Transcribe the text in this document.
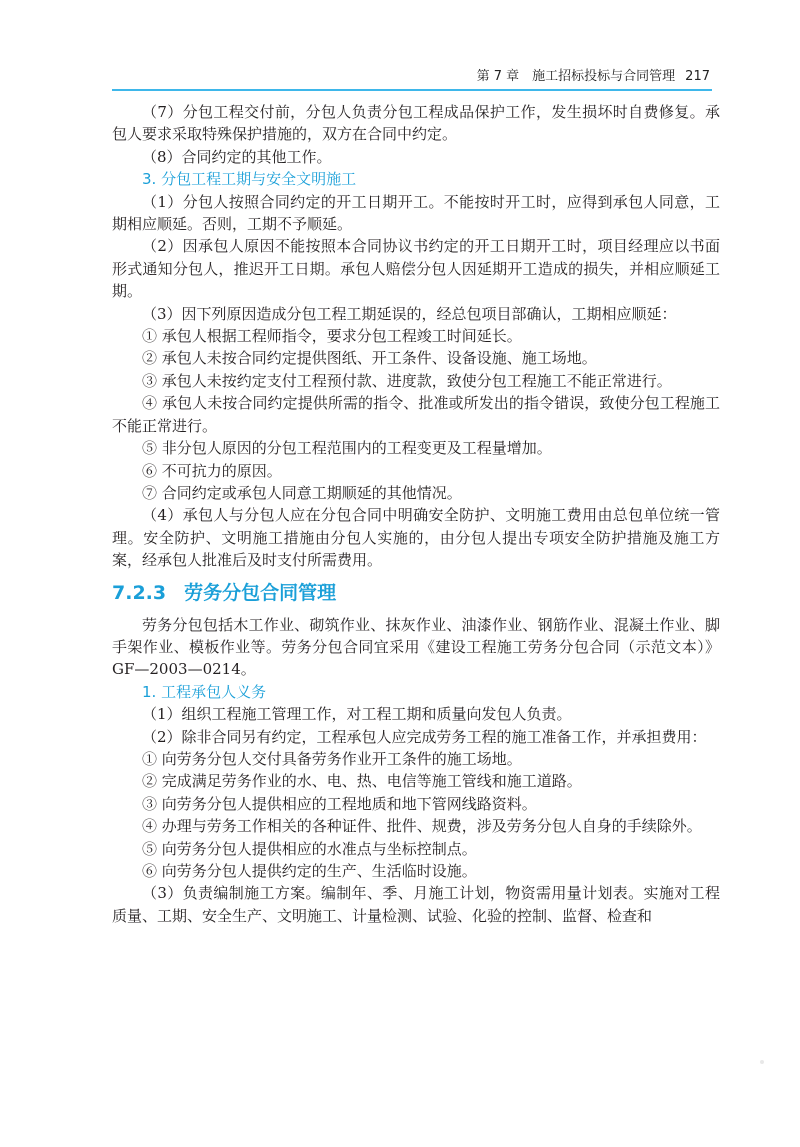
第 7 章　施工招标投标与合同管理 217

（7）分包工程交付前，分包人负责分包工程成品保护工作，发生损坏时自费修复。承包人要求采取特殊保护措施的，双方在合同中约定。

（8）合同约定的其他工作。

3. 分包工程工期与安全文明施工

（1）分包人按照合同约定的开工日期开工。不能按时开工时，应得到承包人同意，工期相应顺延。否则，工期不予顺延。

（2）因承包人原因不能按照本合同协议书约定的开工日期开工时，项目经理应以书面形式通知分包人，推迟开工日期。承包人赔偿分包人因延期开工造成的损失，并相应顺延工期。

（3）因下列原因造成分包工程工期延误的，经总包项目部确认，工期相应顺延：

① 承包人根据工程师指令，要求分包工程竣工时间延长。

② 承包人未按合同约定提供图纸、开工条件、设备设施、施工场地。

③ 承包人未按约定支付工程预付款、进度款，致使分包工程施工不能正常进行。

④ 承包人未按合同约定提供所需的指令、批准或所发出的指令错误，致使分包工程施工不能正常进行。

⑤ 非分包人原因的分包工程范围内的工程变更及工程量增加。

⑥ 不可抗力的原因。

⑦ 合同约定或承包人同意工期顺延的其他情况。

（4）承包人与分包人应在分包合同中明确安全防护、文明施工费用由总包单位统一管理。安全防护、文明施工措施由分包人实施的，由分包人提出专项安全防护措施及施工方案，经承包人批准后及时支付所需费用。

7.2.3 劳务分包合同管理

劳务分包包括木工作业、砌筑作业、抹灰作业、油漆作业、钢筋作业、混凝土作业、脚手架作业、模板作业等。劳务分包合同宜采用《建设工程施工劳务分包合同（示范文本）》GF—2003—0214。

1. 工程承包人义务

（1）组织工程施工管理工作，对工程工期和质量向发包人负责。

（2）除非合同另有约定，工程承包人应完成劳务工程的施工准备工作，并承担费用：

① 向劳务分包人交付具备劳务作业开工条件的施工场地。

② 完成满足劳务作业的水、电、热、电信等施工管线和施工道路。

③ 向劳务分包人提供相应的工程地质和地下管网线路资料。

④ 办理与劳务工作相关的各种证件、批件、规费，涉及劳务分包人自身的手续除外。

⑤ 向劳务分包人提供相应的水准点与坐标控制点。

⑥ 向劳务分包人提供约定的生产、生活临时设施。

（3）负责编制施工方案。编制年、季、月施工计划，物资需用量计划表。实施对工程质量、工期、安全生产、文明施工、计量检测、试验、化验的控制、监督、检查和
